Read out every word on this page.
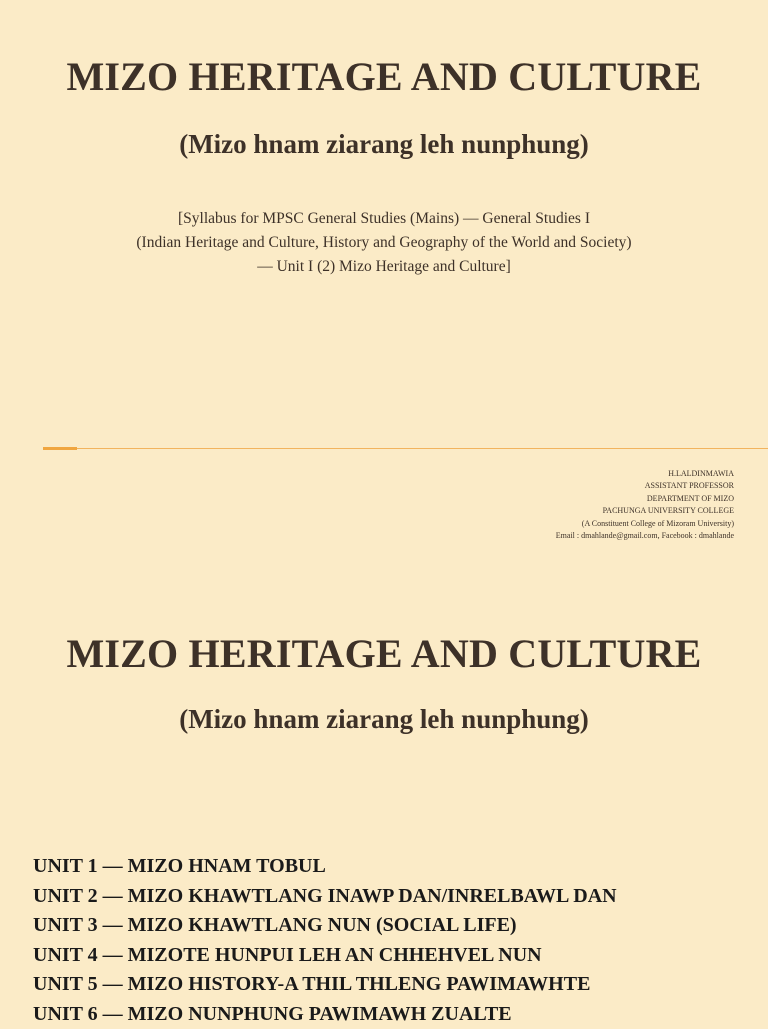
MIZO HERITAGE AND CULTURE
(Mizo hnam ziarang leh nunphung)
[Syllabus for MPSC General Studies (Mains) — General Studies I
(Indian Heritage and Culture, History and Geography of the World and Society)
— Unit I (2) Mizo Heritage and Culture]
H.LALDINMAWIA
ASSISTANT PROFESSOR
DEPARTMENT OF MIZO
PACHUNGA UNIVERSITY COLLEGE
(A Constituent College of Mizoram University)
Email : dmahlande@gmail.com, Facebook : dmahlande
MIZO HERITAGE AND CULTURE
(Mizo hnam ziarang leh nunphung)
UNIT 1 — MIZO HNAM TOBUL
UNIT 2 — MIZO KHAWTLANG INAWP DAN/INRELBAWL DAN
UNIT 3 — MIZO KHAWTLANG NUN (SOCIAL LIFE)
UNIT 4 — MIZOTE HUNPUI LEH AN CHHEHVEL NUN
UNIT 5 — MIZO HISTORY-A THIL THLENG PAWIMAWHTE
UNIT 6 — MIZO NUNPHUNG PAWIMAWH ZUALTE
